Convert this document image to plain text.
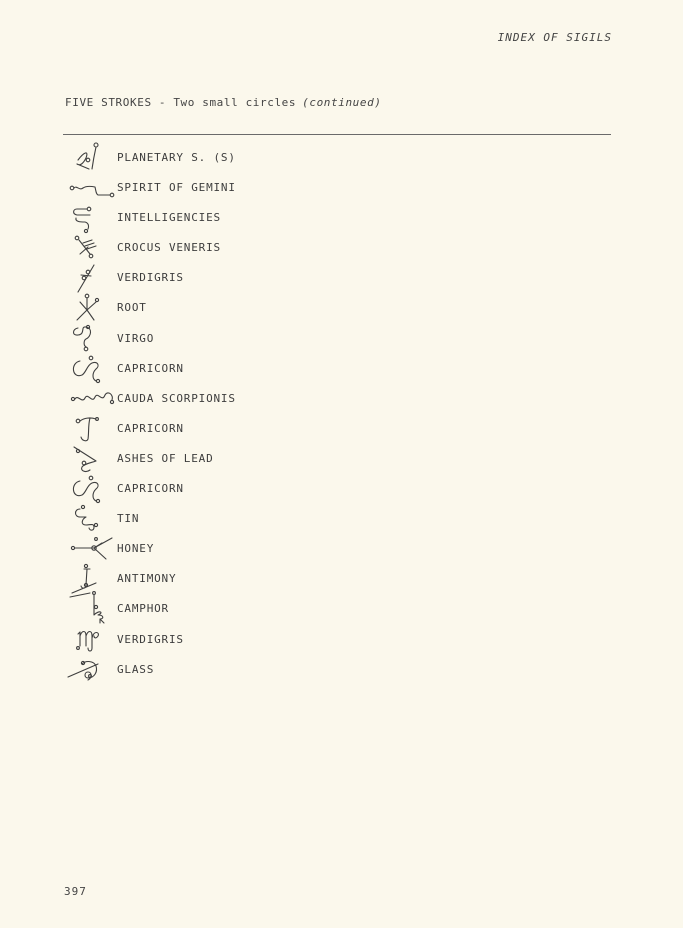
INDEX OF SIGILS
FIVE STROKES - Two small circles (continued)
PLANETARY S. (S)
SPIRIT OF GEMINI
INTELLIGENCIES
CROCUS VENERIS
VERDIGRIS
ROOT
VIRGO
CAPRICORN
CAUDA SCORPIONIS
CAPRICORN
ASHES OF LEAD
CAPRICORN
TIN
HONEY
ANTIMONY
CAMPHOR
VERDIGRIS
GLASS
397
